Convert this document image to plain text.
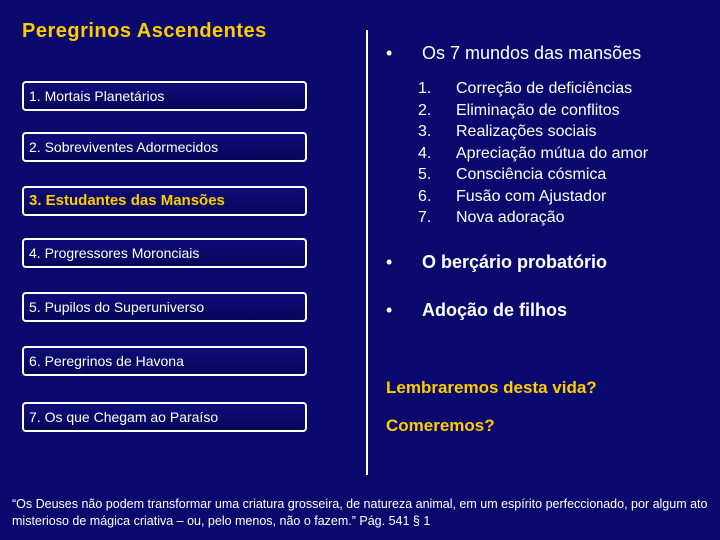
Peregrinos Ascendentes
1. Mortais Planetários
2. Sobreviventes Adormecidos
3. Estudantes das Mansões
4. Progressores Moronciais
5. Pupilos do Superuniverso
6. Peregrinos de Havona
7. Os que Chegam ao Paraíso
• Os 7 mundos das mansões
1.	Correção de deficiências
2.	Eliminação de conflitos
3.	Realizações sociais
4.	Apreciação mútua do amor
5.	Consciência cósmica
6.	Fusão com Ajustador
7.	Nova adoração
• O berçário probatório
• Adoção de filhos
Lembraremos desta vida?
Comeremos?
“Os Deuses não podem transformar uma criatura grosseira, de natureza animal, em um espírito perfeccionado, por algum ato misterioso de mágica criativa – ou, pelo menos, não o fazem.” Pág. 541 § 1
